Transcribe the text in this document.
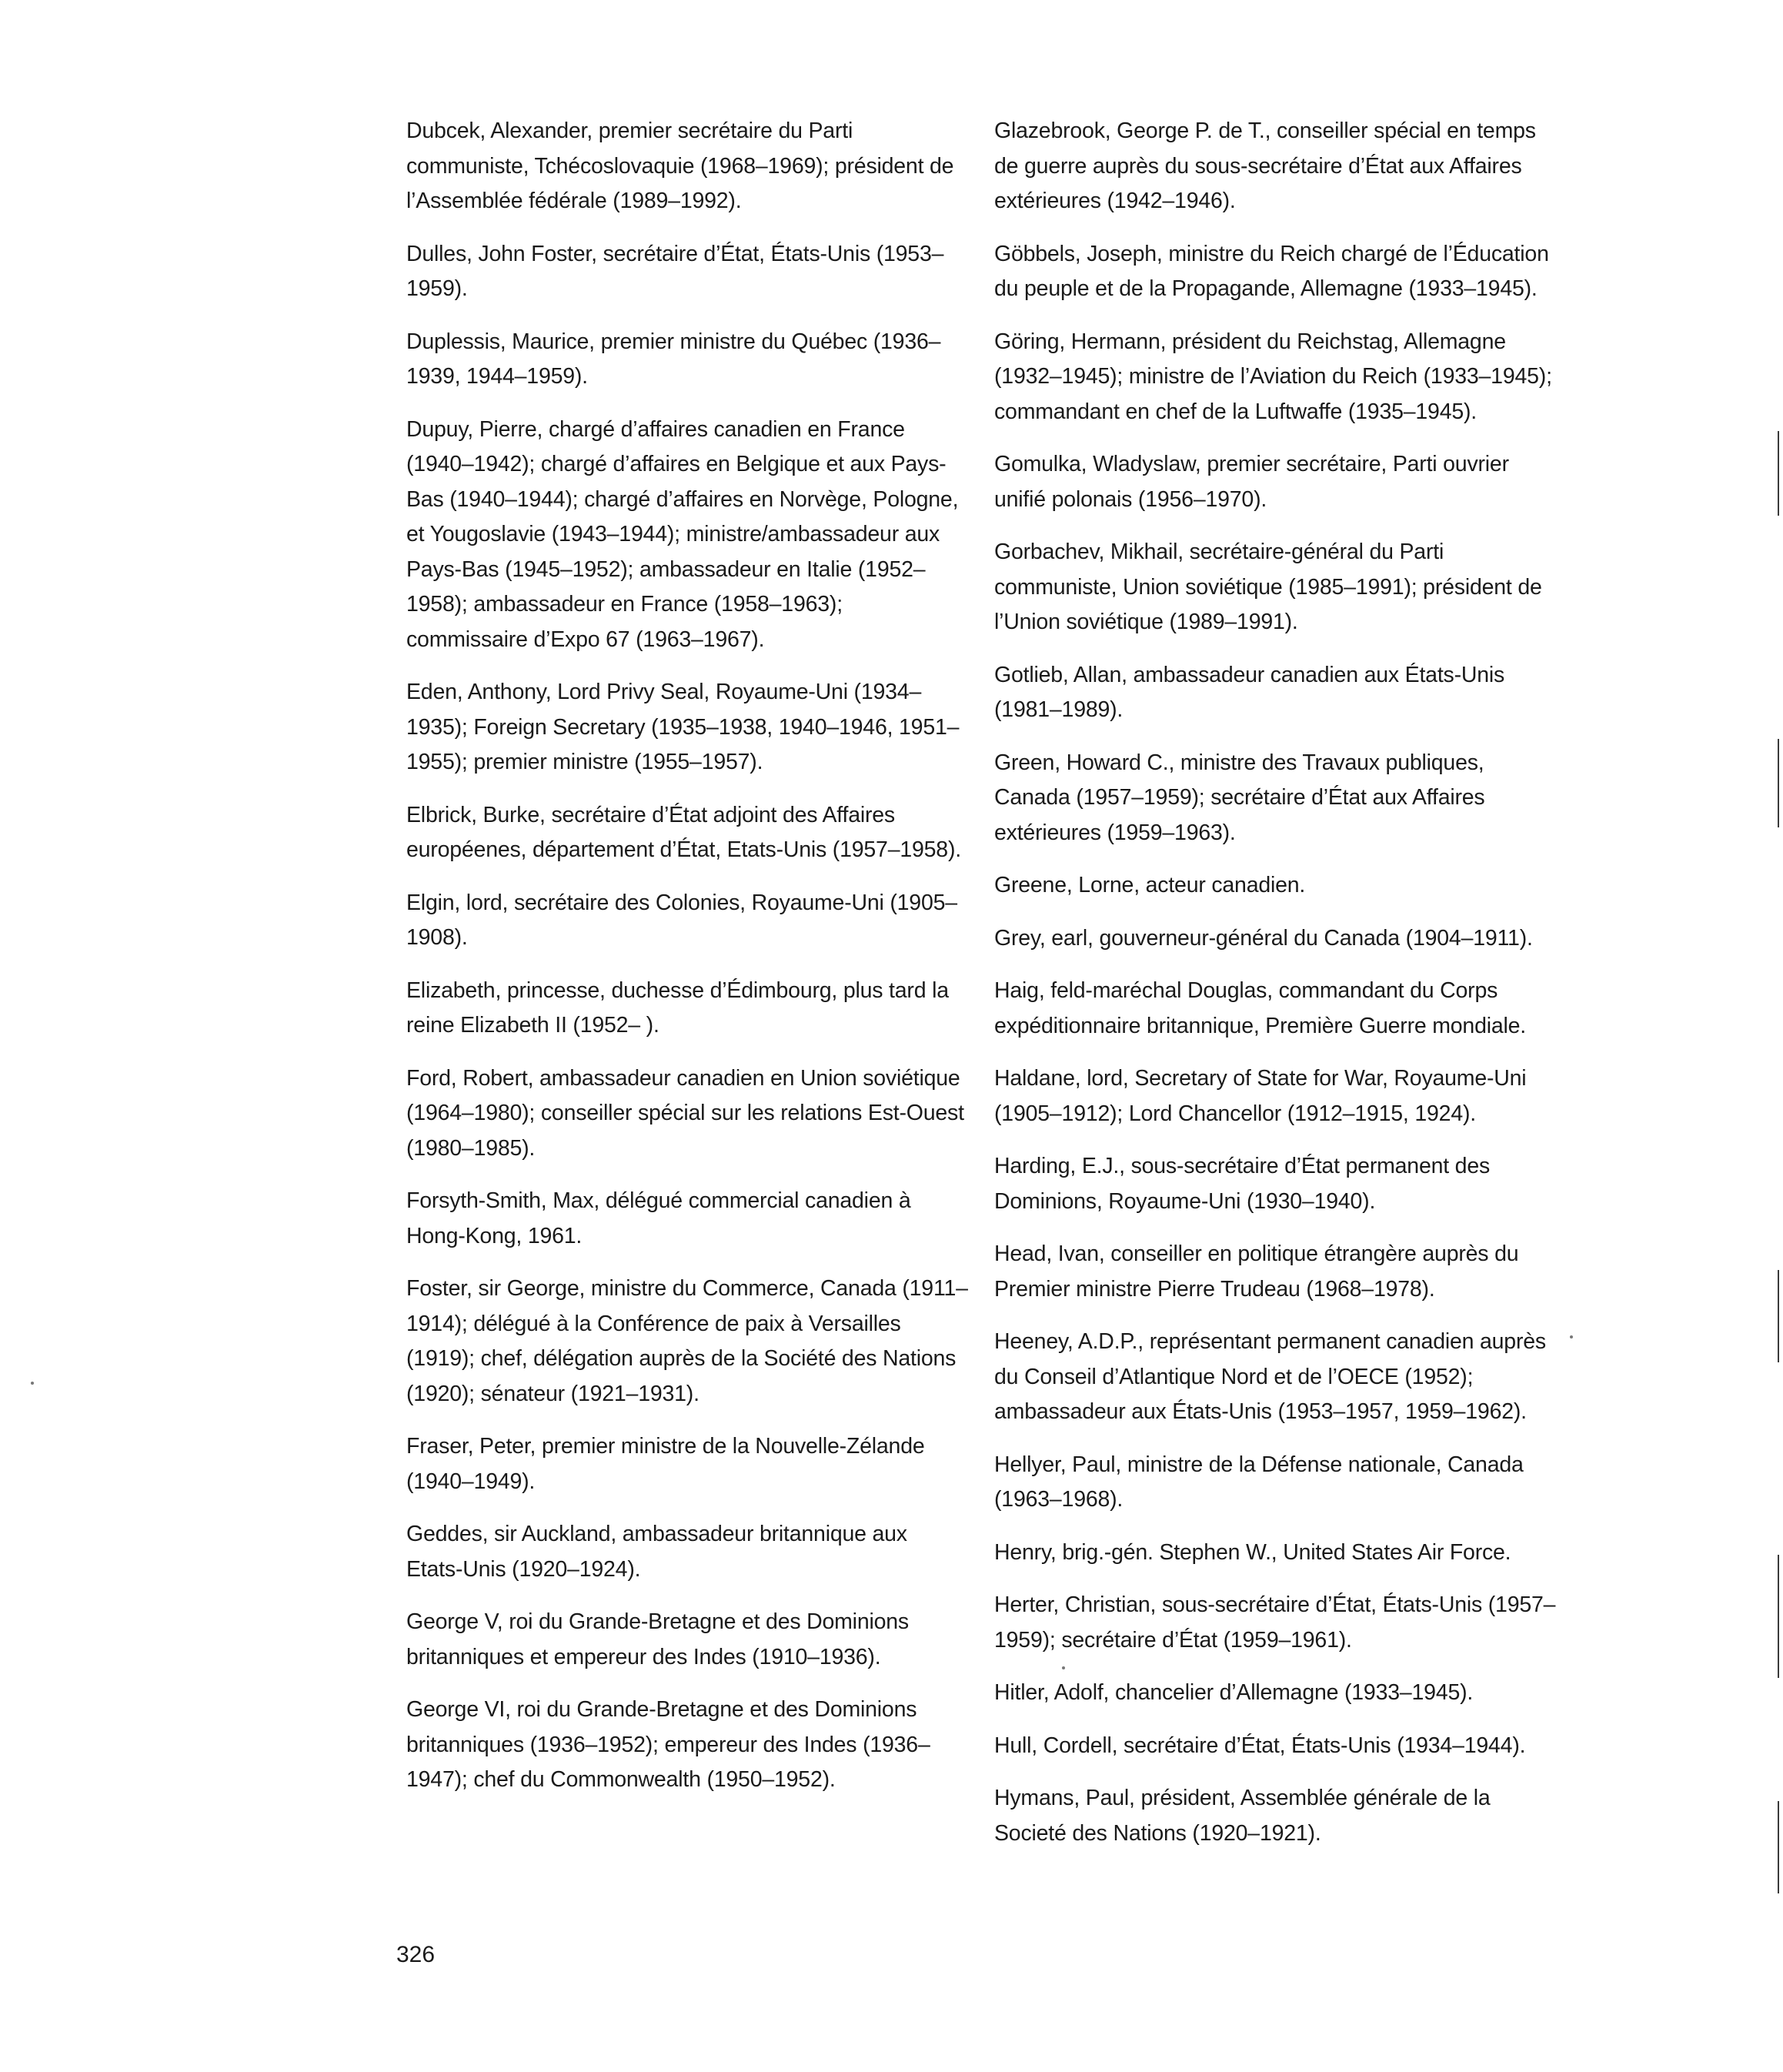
Dubcek, Alexander, premier secrétaire du Parti communiste, Tchécoslovaquie (1968–1969); président de l’Assemblée fédérale (1989–1992).

Dulles, John Foster, secrétaire d’État, États-Unis (1953–1959).

Duplessis, Maurice, premier ministre du Québec (1936–1939, 1944–1959).

Dupuy, Pierre, chargé d’affaires canadien en France (1940–1942); chargé d’affaires en Belgique et aux Pays-Bas (1940–1944); chargé d’affaires en Norvège, Pologne, et Yougoslavie (1943–1944); ministre/ambassadeur aux Pays-Bas (1945–1952); ambassadeur en Italie (1952–1958); ambassadeur en France (1958–1963); commissaire d’Expo 67 (1963–1967).

Eden, Anthony, Lord Privy Seal, Royaume-Uni (1934–1935); Foreign Secretary (1935–1938, 1940–1946, 1951–1955); premier ministre (1955–1957).

Elbrick, Burke, secrétaire d’État adjoint des Affaires européenes, département d’État, Etats-Unis (1957–1958).

Elgin, lord, secrétaire des Colonies, Royaume-Uni (1905–1908).

Elizabeth, princesse, duchesse d’Édimbourg, plus tard la reine Elizabeth II (1952– ).

Ford, Robert, ambassadeur canadien en Union soviétique (1964–1980); conseiller spécial sur les relations Est-Ouest (1980–1985).

Forsyth-Smith, Max, délégué commercial canadien à Hong-Kong, 1961.

Foster, sir George, ministre du Commerce, Canada (1911–1914); délégué à la Conférence de paix à Versailles (1919); chef, délégation auprès de la Société des Nations (1920); sénateur (1921–1931).

Fraser, Peter, premier ministre de la Nouvelle-Zélande (1940–1949).

Geddes, sir Auckland, ambassadeur britannique aux Etats-Unis (1920–1924).

George V, roi du Grande-Bretagne et des Dominions britanniques et empereur des Indes (1910–1936).

George VI, roi du Grande-Bretagne et des Dominions britanniques (1936–1952); empereur des Indes (1936–1947); chef du Commonwealth (1950–1952).

Glazebrook, George P. de T., conseiller spécial en temps de guerre auprès du sous-secrétaire d’État aux Affaires extérieures (1942–1946).

Göbbels, Joseph, ministre du Reich chargé de l’Éducation du peuple et de la Propagande, Allemagne (1933–1945).

Göring, Hermann, président du Reichstag, Allemagne (1932–1945); ministre de l’Aviation du Reich (1933–1945); commandant en chef de la Luftwaffe (1935–1945).

Gomulka, Wladyslaw, premier secrétaire, Parti ouvrier unifié polonais (1956–1970).

Gorbachev, Mikhail, secrétaire-général du Parti communiste, Union soviétique (1985–1991); président de l’Union soviétique (1989–1991).

Gotlieb, Allan, ambassadeur canadien aux États-Unis (1981–1989).

Green, Howard C., ministre des Travaux publiques, Canada (1957–1959); secrétaire d’État aux Affaires extérieures (1959–1963).

Greene, Lorne, acteur canadien.

Grey, earl, gouverneur-général du Canada (1904–1911).

Haig, feld-maréchal Douglas, commandant du Corps expéditionnaire britannique, Première Guerre mondiale.

Haldane, lord, Secretary of State for War, Royaume-Uni (1905–1912); Lord Chancellor (1912–1915, 1924).

Harding, E.J., sous-secrétaire d’État permanent des Dominions, Royaume-Uni (1930–1940).

Head, Ivan, conseiller en politique étrangère auprès du Premier ministre Pierre Trudeau (1968–1978).

Heeney, A.D.P., représentant permanent canadien auprès du Conseil d’Atlantique Nord et de l’OECE (1952); ambassadeur aux États-Unis (1953–1957, 1959–1962).

Hellyer, Paul, ministre de la Défense nationale, Canada (1963–1968).

Henry, brig.-gén. Stephen W., United States Air Force.

Herter, Christian, sous-secrétaire d’État, États-Unis (1957–1959); secrétaire d’État (1959–1961).

Hitler, Adolf, chancelier d’Allemagne (1933–1945).

Hull, Cordell, secrétaire d’État, États-Unis (1934–1944).

Hymans, Paul, président, Assemblée générale de la Societé des Nations (1920–1921).

326
